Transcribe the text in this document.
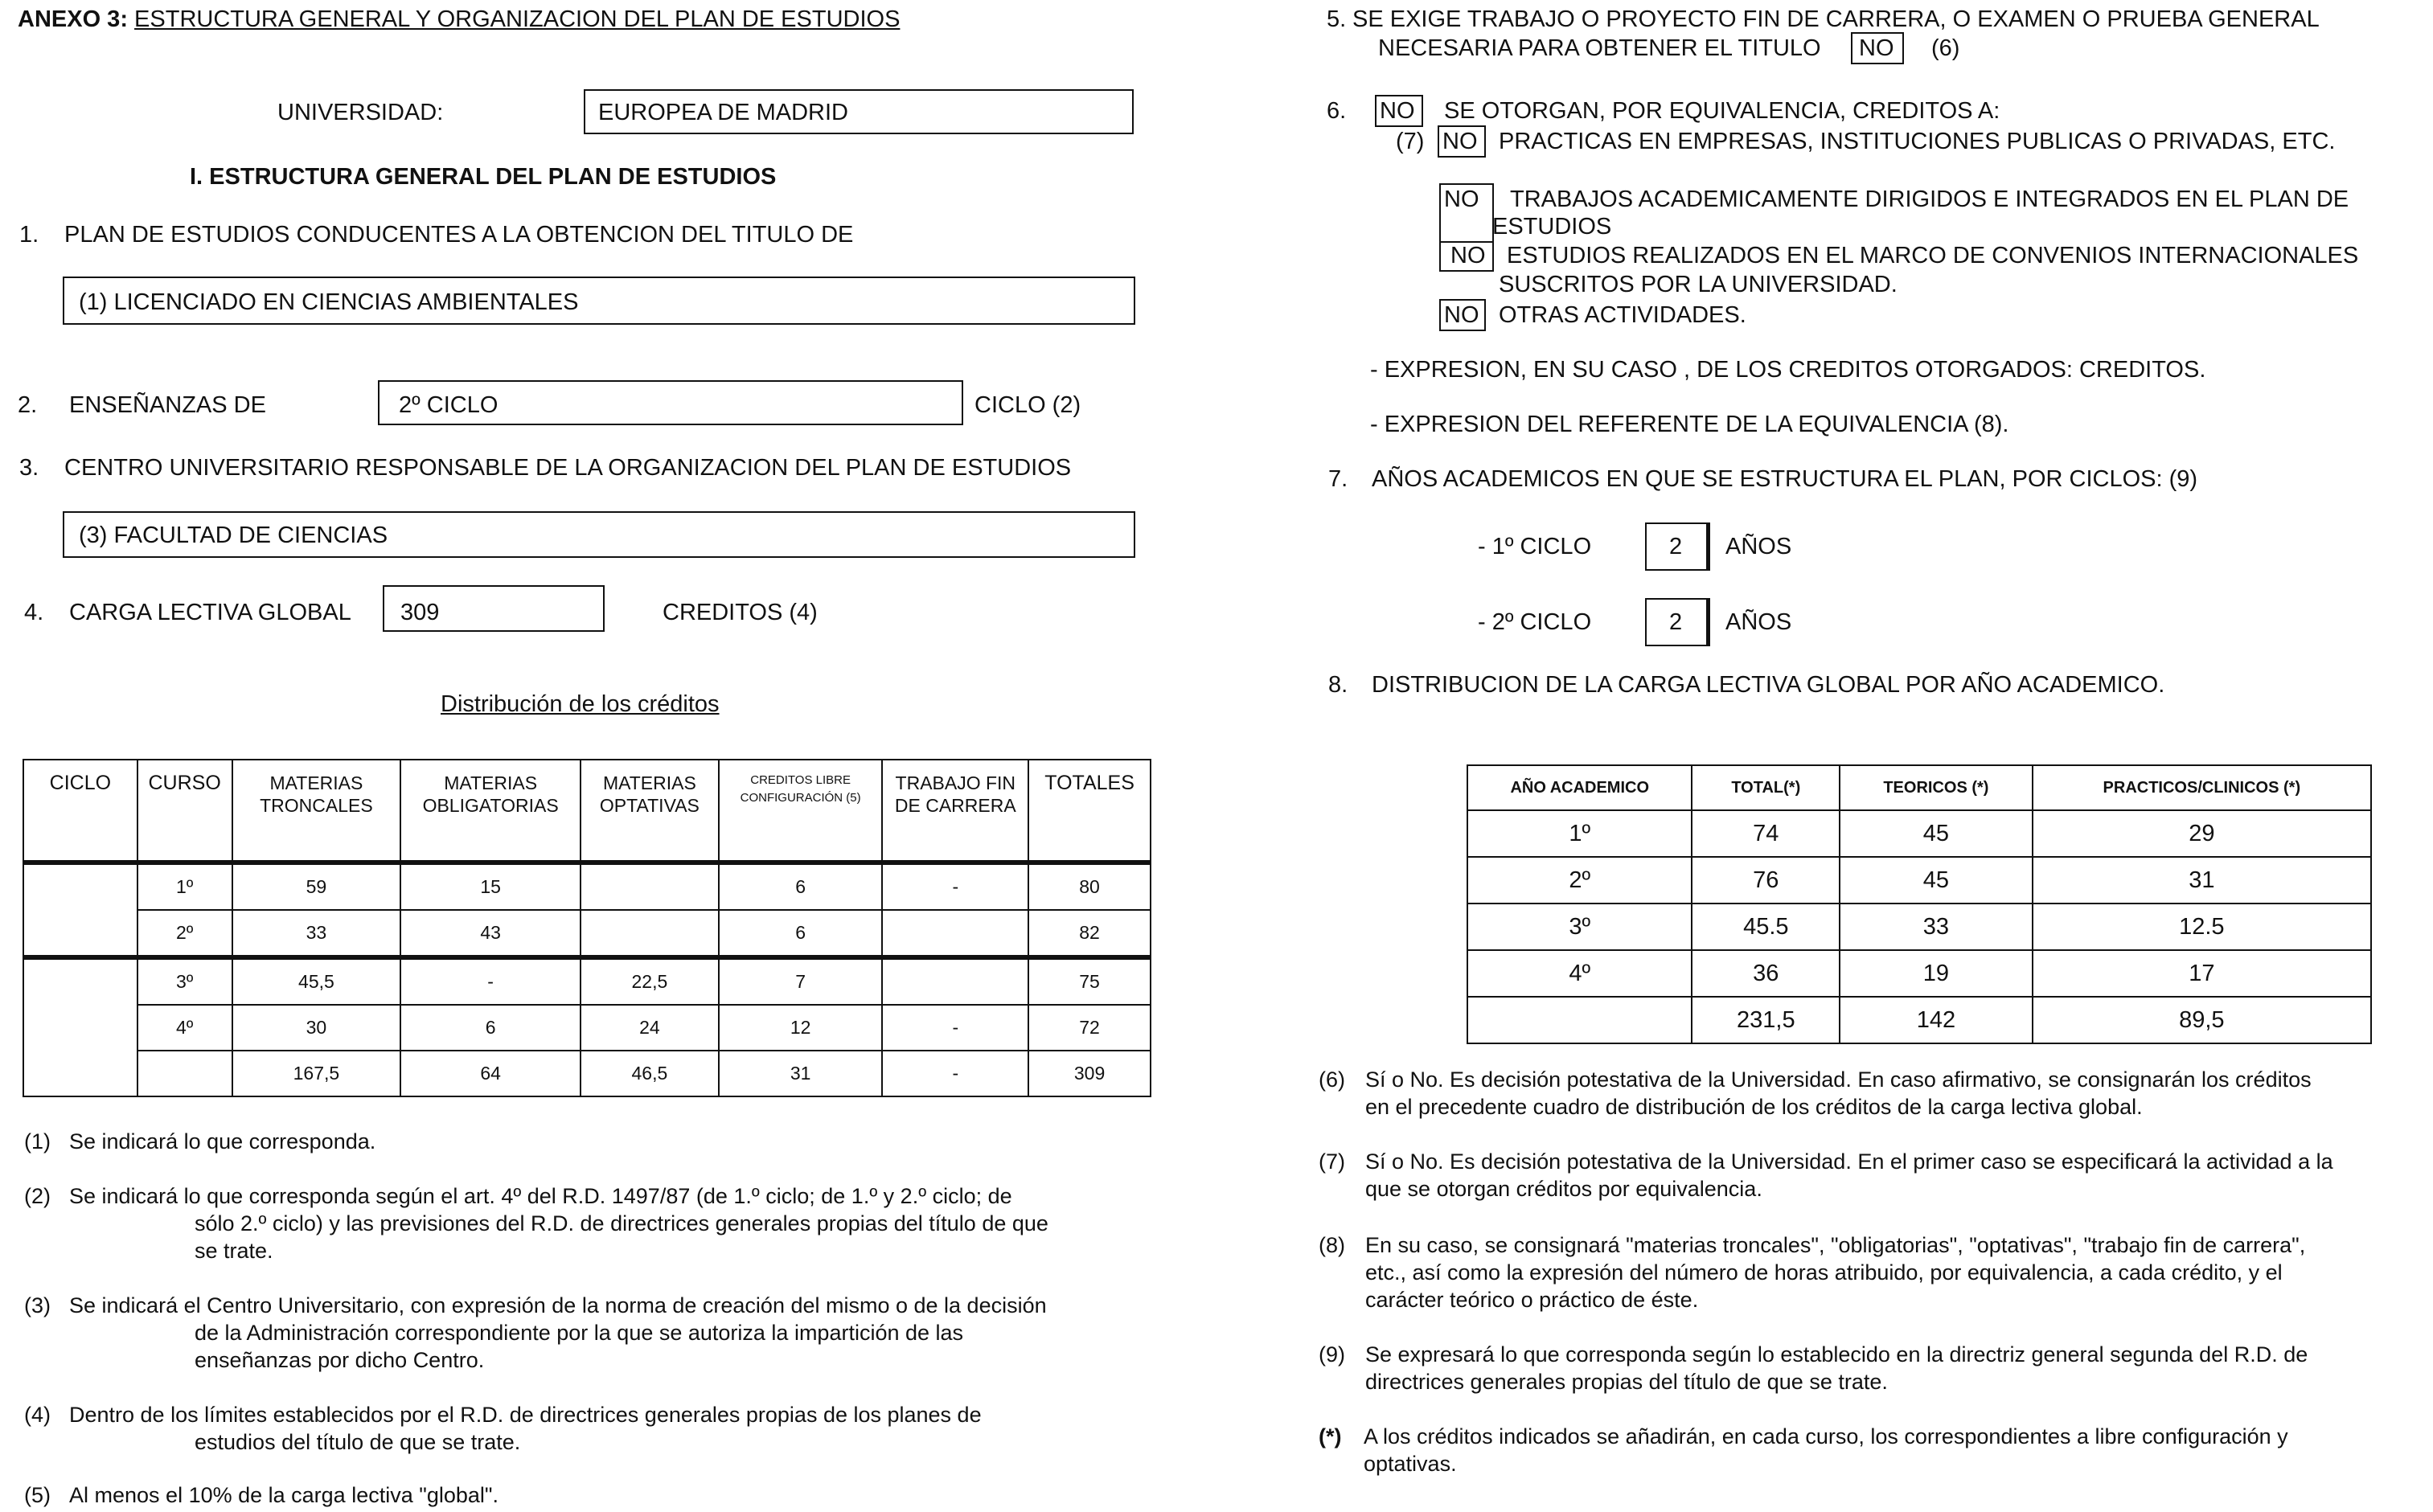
ANEXO 3: ESTRUCTURA GENERAL Y ORGANIZACION DEL PLAN DE ESTUDIOS
UNIVERSIDAD:	EUROPEA DE MADRID
I. ESTRUCTURA GENERAL DEL PLAN DE ESTUDIOS
1. PLAN DE ESTUDIOS CONDUCENTES A LA OBTENCION DEL TITULO DE
(1) LICENCIADO EN CIENCIAS AMBIENTALES
2. ENSEÑANZAS DE	2º CICLO	CICLO (2)
3. CENTRO UNIVERSITARIO RESPONSABLE DE LA ORGANIZACION DEL PLAN DE ESTUDIOS
(3) FACULTAD DE CIENCIAS
4. CARGA LECTIVA GLOBAL 309	CREDITOS (4)
Distribución de los créditos
CICLO	CURSO	MATERIAS TRONCALES	MATERIAS OBLIGATORIAS	MATERIAS OPTATIVAS	CREDITOS LIBRE CONFIGURACIÓN (5)	TRABAJO FIN DE CARRERA	TOTALES
	1º	59	15		6	-	80
	2º	33	43		6		82
	3º	45,5	-	22,5	7		75
	4º	30	6	24	12	-	72
		167,5	64	46,5	31	-	309
(1) Se indicará lo que corresponda.
(2) Se indicará lo que corresponda según el art. 4º del R.D. 1497/87 (de 1.º ciclo; de 1.º y 2.º ciclo; de
sólo 2.º ciclo) y las previsiones del R.D. de directrices generales propias del título de que
se trate.
(3) Se indicará el Centro Universitario, con expresión de la norma de creación del mismo o de la decisión
de la Administración correspondiente por la que se autoriza la impartición de las
enseñanzas por dicho Centro.
(4) Dentro de los límites establecidos por el R.D. de directrices generales propias de los planes de
estudios del título de que se trate.
(5) Al menos el 10% de la carga lectiva "global".
5. SE EXIGE TRABAJO O PROYECTO FIN DE CARRERA, O EXAMEN O PRUEBA GENERAL
NECESARIA PARA OBTENER EL TITULO NO (6)
6. NO SE OTORGAN, POR EQUIVALENCIA, CREDITOS A:
(7) NO PRACTICAS EN EMPRESAS, INSTITUCIONES PUBLICAS O PRIVADAS, ETC.
NO TRABAJOS ACADEMICAMENTE DIRIGIDOS E INTEGRADOS EN EL PLAN DE
ESTUDIOS
NO ESTUDIOS REALIZADOS EN EL MARCO DE CONVENIOS INTERNACIONALES
SUSCRITOS POR LA UNIVERSIDAD.
NO OTRAS ACTIVIDADES.
- EXPRESION, EN SU CASO , DE LOS CREDITOS OTORGADOS: CREDITOS.
- EXPRESION DEL REFERENTE DE LA EQUIVALENCIA (8).
7. AÑOS ACADEMICOS EN QUE SE ESTRUCTURA EL PLAN, POR CICLOS: (9)
- 1º CICLO	2 AÑOS
- 2º CICLO	2 AÑOS
8. DISTRIBUCION DE LA CARGA LECTIVA GLOBAL POR AÑO ACADEMICO.
AÑO ACADEMICO	TOTAL(*)	TEORICOS (*)	PRACTICOS/CLINICOS (*)
1º	74	45	29
2º	76	45	31
3º	45.5	33	12.5
4º	36	19	17
	231,5	142	89,5
(6) Sí o No. Es decisión potestativa de la Universidad. En caso afirmativo, se consignarán los créditos
en el precedente cuadro de distribución de los créditos de la carga lectiva global.
(7) Sí o No. Es decisión potestativa de la Universidad. En el primer caso se especificará la actividad a la
que se otorgan créditos por equivalencia.
(8) En su caso, se consignará "materias troncales", "obligatorias", "optativas", "trabajo fin de carrera",
etc., así como la expresión del número de horas atribuido, por equivalencia, a cada crédito, y el
carácter teórico o práctico de éste.
(9) Se expresará lo que corresponda según lo establecido en la directriz general segunda del R.D. de
directrices generales propias del título de que se trate.
(*) A los créditos indicados se añadirán, en cada curso, los correspondientes a libre configuración y
optativas.
